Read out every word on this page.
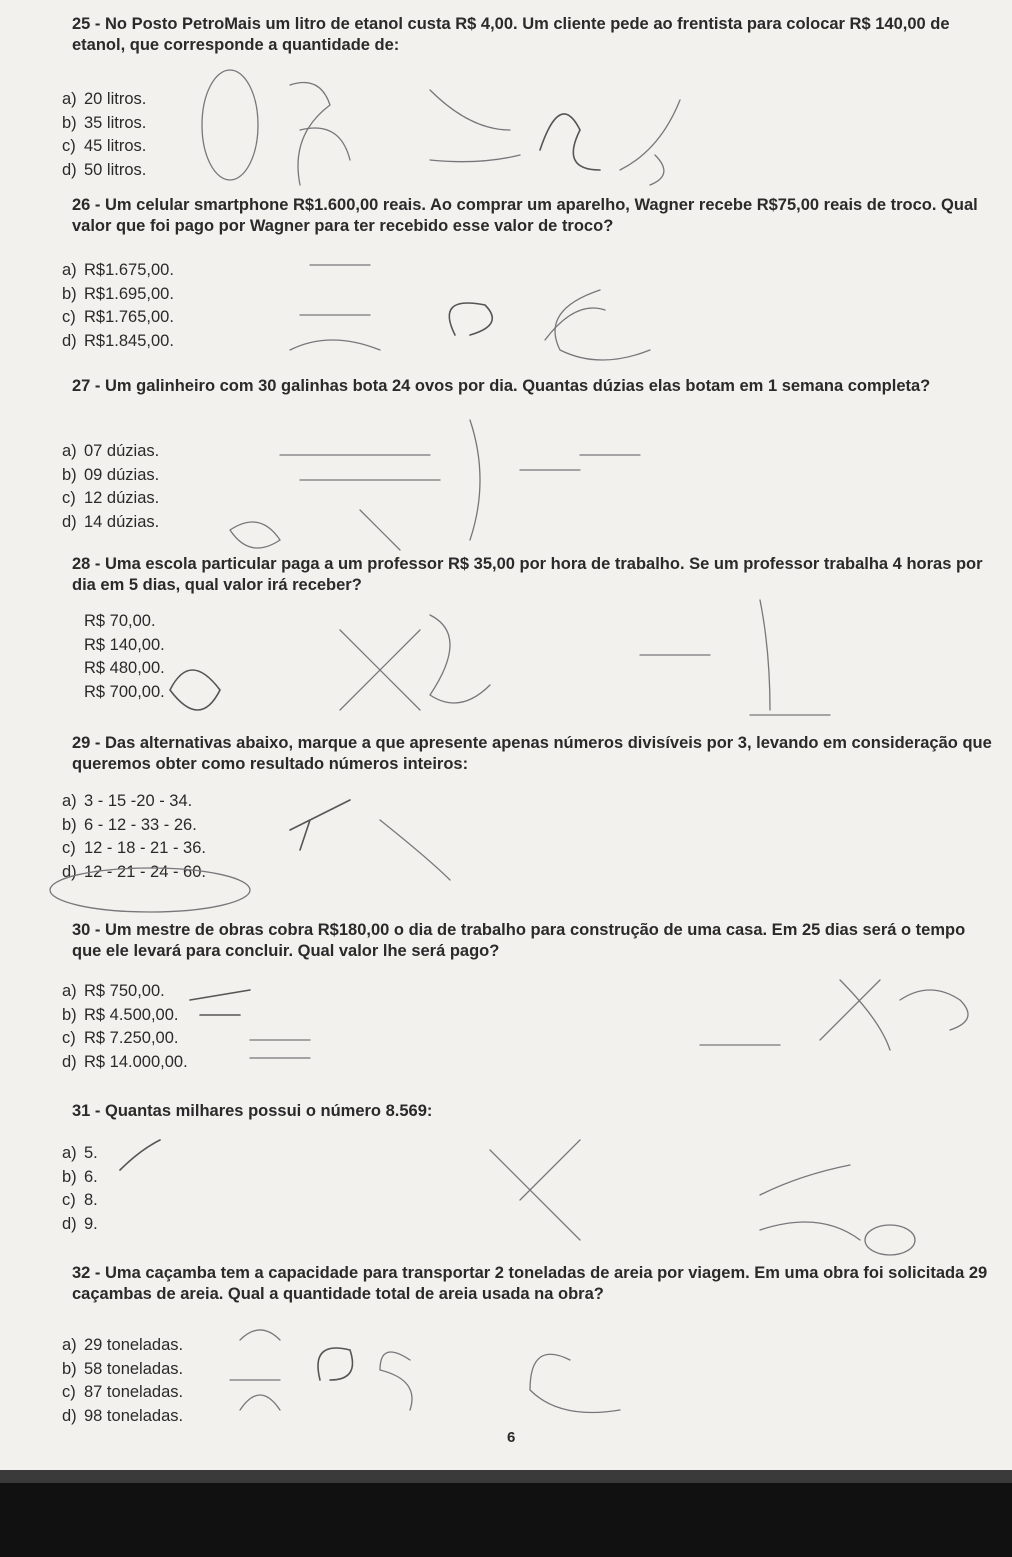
25 - No Posto PetroMais um litro de etanol custa R$ 4,00. Um cliente pede ao frentista para colocar R$ 140,00 de etanol, que corresponde a quantidade de:
a) 20 litros.
b) 35 litros.
c) 45 litros.
d) 50 litros.
26 - Um celular smartphone R$1.600,00 reais. Ao comprar um aparelho, Wagner recebe R$75,00 reais de troco. Qual valor que foi pago por Wagner para ter recebido esse valor de troco?
a) R$1.675,00.
b) R$1.695,00.
c) R$1.765,00.
d) R$1.845,00.
27 - Um galinheiro com 30 galinhas bota 24 ovos por dia. Quantas dúzias elas botam em 1 semana completa?
a) 07 dúzias.
b) 09 dúzias.
c) 12 dúzias.
d) 14 dúzias.
28 - Uma escola particular paga a um professor R$ 35,00 por hora de trabalho. Se um professor trabalha 4 horas por dia em 5 dias, qual valor irá receber?
R$ 70,00.
R$ 140,00.
R$ 480,00.
R$ 700,00.
29 - Das alternativas abaixo, marque a que apresente apenas números divisíveis por 3, levando em consideração que queremos obter como resultado números inteiros:
a) 3 - 15 -20 - 34.
b) 6 - 12 - 33 - 26.
c) 12 - 18 - 21 - 36.
d) 12 - 21 - 24 - 60.
30 - Um mestre de obras cobra R$180,00 o dia de trabalho para construção de uma casa. Em 25 dias será o tempo que ele levará para concluir. Qual valor lhe será pago?
a) R$ 750,00.
b) R$ 4.500,00.
c) R$ 7.250,00.
d) R$ 14.000,00.
31 - Quantas milhares possui o número 8.569:
a) 5.
b) 6.
c) 8.
d) 9.
32 - Uma caçamba tem a capacidade para transportar 2 toneladas de areia por viagem. Em uma obra foi solicitada 29 caçambas de areia. Qual a quantidade total de areia usada na obra?
a) 29 toneladas.
b) 58 toneladas.
c) 87 toneladas.
d) 98 toneladas.
6
